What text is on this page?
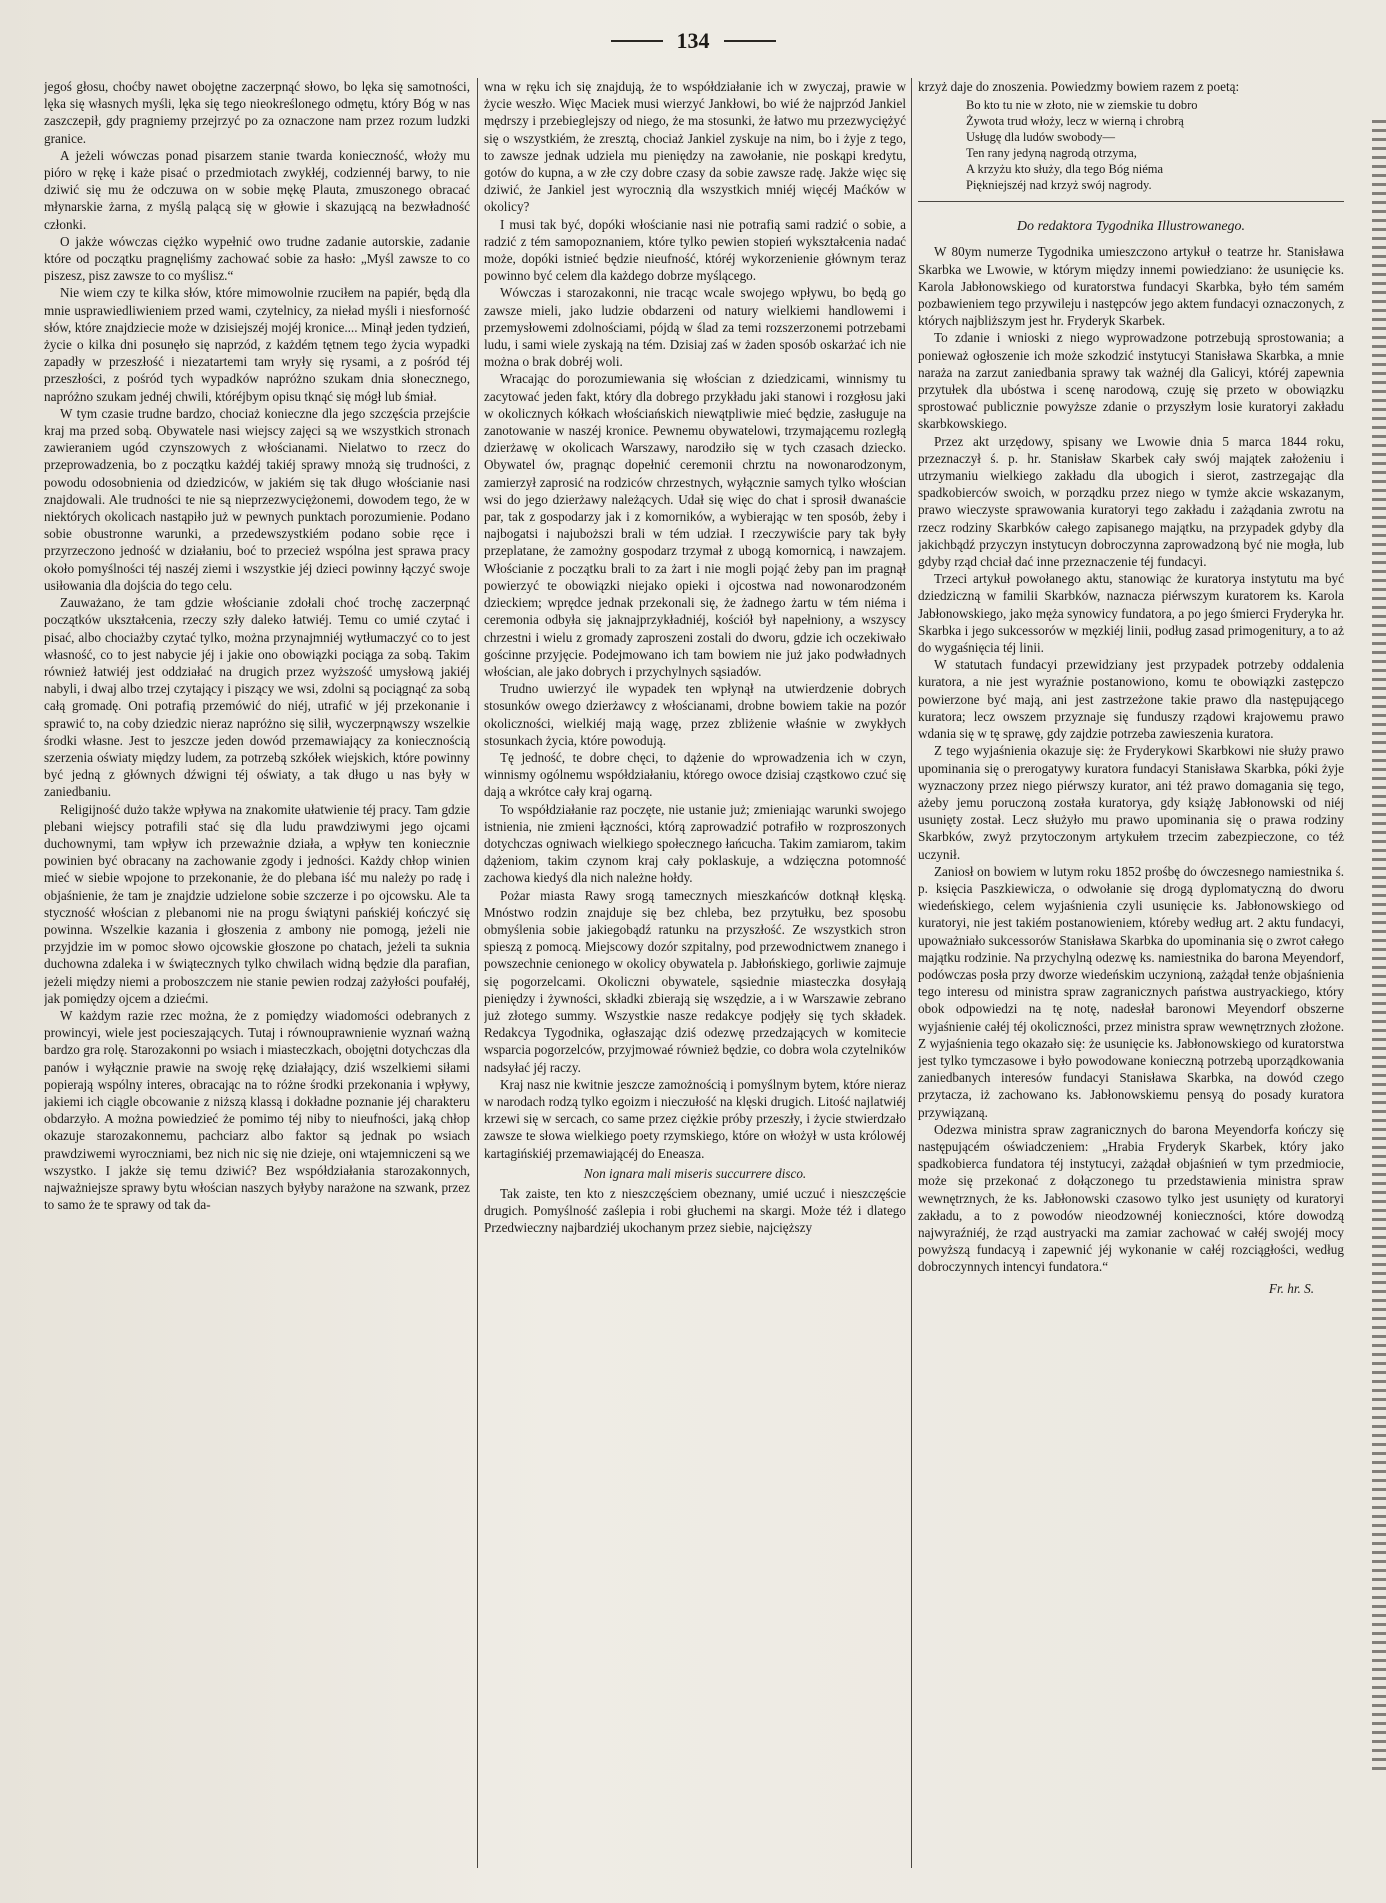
134

jegoś głosu, choćby nawet obojętne zaczerpnąć słowo, bo lęka się samotności, lęka się własnych myśli, lęka się tego nieokreślonego odmętu, który Bóg w nas zaszczepił, gdy pragniemy przejrzyć po za oznaczone nam przez rozum ludzki granice.

A jeżeli wówczas ponad pisarzem stanie twarda konieczność, włoży mu pióro w rękę i każe pisać o przedmiotach zwykłéj, codziennéj barwy, to nie dziwić się mu że odczuwa on w sobie mękę Plauta, zmuszonego obracać młynarskie żarna, z myślą palącą się w głowie i skazującą na bezwładność członki.

O jakże wówczas ciężko wypełnić owo trudne zadanie autorskie, zadanie które od początku pragnęliśmy zachować sobie za hasło: „Myśl zawsze to co piszesz, pisz zawsze to co myślisz.“

Nie wiem czy te kilka słów, które mimowolnie rzuciłem na papiér, będą dla mnie usprawiedliwieniem przed wami, czytelnicy, za nieład myśli i niesforność słów, które znajdziecie może w dzisiejszéj mojéj kronice.... Minął jeden tydzień, życie o kilka dni posunęło się naprzód, z każdém tętnem tego życia wypadki zapadły w przeszłość i niezatartemi tam wryły się rysami, a z pośród téj przeszłości, z pośród tych wypadków napróżno szukam dnia słonecznego, napróżno szukam jednéj chwili, któréjbym opisu tknąć się mógł lub śmiał.

W tym czasie trudne bardzo, chociaż konieczne dla jego szczęścia przejście kraj ma przed sobą. Obywatele nasi wiejscy zajęci są we wszystkich stronach zawieraniem ugód czynszowych z włościanami. Nielatwo to rzecz do przeprowadzenia, bo z początku każdéj takiéj sprawy mnożą się trudności, z powodu odosobnienia od dziedziców, w jakiém się tak długo włościanie nasi znajdowali. Ale trudności te nie są nieprzezwyciężonemi, dowodem tego, że w niektórych okolicach nastąpiło już w pewnych punktach porozumienie. Podano sobie obustronne warunki, a przedewszystkiém podano sobie ręce i przyrzeczono jedność w działaniu, boć to przecież wspólna jest sprawa pracy około pomyślności téj naszéj ziemi i wszystkie jéj dzieci powinny łączyć swoje usiłowania dla dojścia do tego celu.

Zauważano, że tam gdzie włościanie zdołali choć trochę zaczerpnąć początków ukształcenia, rzeczy szły daleko łatwiéj. Temu co umié czytać i pisać, albo chociażby czytać tylko, można przynajmniéj wytłumaczyć co to jest własność, co to jest nabycie jéj i jakie ono obowiązki pociąga za sobą. Takim również łatwiéj jest oddziałać na drugich przez wyższość umysłową jakiéj nabyli, i dwaj albo trzej czytający i piszący we wsi, zdolni są pociągnąć za sobą całą gromadę. Oni potrafią przemówić do niéj, utrafić w jéj przekonanie i sprawić to, na coby dziedzic nieraz napróżno się silił, wyczerpnąwszy wszelkie środki własne. Jest to jeszcze jeden dowód przemawiający za koniecznością szerzenia oświaty między ludem, za potrzebą szkółek wiejskich, które powinny być jedną z głównych dźwigni téj oświaty, a tak długo u nas były w zaniedbaniu.

Religijność dużo także wpływa na znakomite ułatwienie téj pracy. Tam gdzie plebani wiejscy potrafili stać się dla ludu prawdziwymi jego ojcami duchownymi, tam wpływ ich przeważnie działa, a wpływ ten koniecznie powinien być obracany na zachowanie zgody i jedności. Każdy chłop winien mieć w siebie wpojone to przekonanie, że do plebana iść mu należy po radę i objaśnienie, że tam je znajdzie udzielone sobie szczerze i po ojcowsku. Ale ta styczność włościan z plebanomi nie na progu świątyni pańskiéj kończyć się powinna. Wszelkie kazania i głoszenia z ambony nie pomogą, jeżeli nie przyjdzie im w pomoc słowo ojcowskie głoszone po chatach, jeżeli ta suknia duchowna zdaleka i w świątecznych tylko chwilach widną będzie dla parafian, jeżeli między niemi a proboszczem nie stanie pewien rodzaj zażyłości poufałéj, jak pomiędzy ojcem a dziećmi.

W każdym razie rzec można, że z pomiędzy wiadomości odebranych z prowincyi, wiele jest pocieszających. Tutaj i równouprawnienie wyznań ważną bardzo gra rolę. Starozakonni po wsiach i miasteczkach, obojętni dotychczas dla panów i wyłącznie prawie na swoję rękę działający, dziś wszelkiemi siłami popierają wspólny interes, obracając na to różne środki przekonania i wpływy, jakiemi ich ciągle obcowanie z niższą klassą i dokładne poznanie jéj charakteru obdarzyło. A można powiedzieć że pomimo téj niby to nieufności, jaką chłop okazuje starozakonnemu, pachciarz albo faktor są jednak po wsiach prawdziwemi wyroczniami, bez nich nic się nie dzieje, oni wtajemniczeni są we wszystko. I jakże się temu dziwić? Bez współdziałania starozakonnych, najważniejsze sprawy bytu włościan naszych byłyby narażone na szwank, przez to samo że te sprawy od tak da-

wna w ręku ich się znajdują, że to współdziałanie ich w zwyczaj, prawie w życie weszło. Więc Maciek musi wierzyć Jankłowi, bo wié że najprzód Jankiel mędrszy i przebieglejszy od niego, że ma stosunki, że łatwo mu przezwyciężyć się o wszystkiém, że zresztą, chociaż Jankiel zyskuje na nim, bo i żyje z tego, to zawsze jednak udziela mu pieniędzy na zawołanie, nie poskąpi kredytu, gotów do kupna, a w złe czy dobre czasy da sobie zawsze radę. Jakże więc się dziwić, że Jankiel jest wyrocznią dla wszystkich mniéj więcéj Maćków w okolicy?

I musi tak być, dopóki włościanie nasi nie potrafią sami radzić o sobie, a radzić z tém samopoznaniem, które tylko pewien stopień wykształcenia nadać może, dopóki istnieć będzie nieufność, któréj wykorzenienie głównym teraz powinno być celem dla każdego dobrze myślącego.

Wówczas i starozakonni, nie tracąc wcale swojego wpływu, bo będą go zawsze mieli, jako ludzie obdarzeni od natury wielkiemi handlowemi i przemysłowemi zdolnościami, pójdą w ślad za temi rozszerzonemi potrzebami ludu, i sami wiele zyskają na tém. Dzisiaj zaś w żaden sposób oskarżać ich nie można o brak dobréj woli.

Wracając do porozumiewania się włościan z dziedzicami, winnismy tu zacytować jeden fakt, który dla dobrego przykładu jaki stanowi i rozgłosu jaki w okolicznych kółkach włościańskich niewątpliwie mieć będzie, zasługuje na zanotowanie w naszéj kronice. Pewnemu obywatelowi, trzymającemu rozległą dzierżawę w okolicach Warszawy, narodziło się w tych czasach dziecko. Obywatel ów, pragnąc dopełnić ceremonii chrztu na nowonarodzonym, zamierzył zaprosić na rodziców chrzestnych, wyłącznie samych tylko włościan wsi do jego dzierżawy należących. Udał się więc do chat i sprosił dwanaście par, tak z gospodarzy jak i z komorników, a wybierając w ten sposób, żeby i najbogatsi i najuboższi brali w tém udział. I rzeczywiście pary tak były przeplatane, że zamożny gospodarz trzymał z ubogą komornicą, i nawzajem. Włościanie z początku brali to za żart i nie mogli pojąć żeby pan im pragnął powierzyć te obowiązki niejako opieki i ojcostwa nad nowonarodzoném dzieckiem; wprędce jednak przekonali się, że żadnego żartu w tém niéma i ceremonia odbyła się jaknajprzykładniéj, kościół był napełniony, a wszyscy chrzestni i wielu z gromady zaproszeni zostali do dworu, gdzie ich oczekiwało gościnne przyjęcie. Podejmowano ich tam bowiem nie już jako podwładnych włościan, ale jako dobrych i przychylnych sąsiadów.

Trudno uwierzyć ile wypadek ten wpłynął na utwierdzenie dobrych stosunków owego dzierżawcy z włościanami, drobne bowiem takie na pozór okoliczności, wielkiéj mają wagę, przez zbliżenie właśnie w zwykłych stosunkach życia, które powodują.

Tę jedność, te dobre chęci, to dążenie do wprowadzenia ich w czyn, winnismy ogólnemu współdziałaniu, którego owoce dzisiaj cząstkowo czuć się dają a wkrótce cały kraj ogarną.

To współdziałanie raz poczęte, nie ustanie już; zmieniając warunki swojego istnienia, nie zmieni łączności, którą zaprowadzić potrafiło w rozproszonych dotychczas ogniwach wielkiego społecznego łańcucha. Takim zamiarom, takim dążeniom, takim czynom kraj cały poklaskuje, a wdzięczna potomność zachowa kiedyś dla nich należne hołdy.

Pożar miasta Rawy srogą tamecznych mieszkańców dotknął klęską. Mnóstwo rodzin znajduje się bez chleba, bez przytułku, bez sposobu obmyślenia sobie jakiegobądź ratunku na przyszłość. Ze wszystkich stron spieszą z pomocą. Miejscowy dozór szpitalny, pod przewodnictwem znanego i powszechnie cenionego w okolicy obywatela p. Jabłońskiego, gorliwie zajmuje się pogorzelcami. Okoliczni obywatele, sąsiednie miasteczka dosyłają pieniędzy i żywności, składki zbierają się wszędzie, a i w Warszawie zebrano już złotego summy. Wszystkie nasze redakcye podjęły się tych składek. Redakcya Tygodnika, ogłaszając dziś odezwę przedzających w komitecie wsparcia pogorzelców, przyjmowaé również będzie, co dobra wola czytelników nadsyłać jéj raczy.

Kraj nasz nie kwitnie jeszcze zamożnością i pomyślnym bytem, które nieraz w narodach rodzą tylko egoizm i nieczułość na klęski drugich. Litość najlatwiéj krzewi się w sercach, co same przez ciężkie próby przeszły, i życie stwierdzało zawsze te słowa wielkiego poety rzymskiego, które on włożył w usta królowéj kartagińskiéj przemawiającéj do Eneasza.

Non ignara mali miseris succurrere disco.

Tak zaiste, ten kto z nieszczęściem obeznany, umié uczuć i nieszczęście drugich. Pomyślność zaślepia i robi głuchemi na skargi. Może téż i dlatego Przedwieczny najbardziéj ukochanym przez siebie, najcięższy

krzyż daje do znoszenia. Powiedzmy bowiem razem z poetą:

Bo kto tu nie w złoto, nie w ziemskie tu dobro
Żywota trud włoży, lecz w wierną i chrobrą
Usługę dla ludów swobody—
Ten rany jedyną nagrodą otrzyma,
A krzyżu kto służy, dla tego Bóg niéma
Piękniejszéj nad krzyż swój nagrody.
Do redaktora Tygodnika Illustrowanego.

W 80ym numerze Tygodnika umieszczono artykuł o teatrze hr. Stanisława Skarbka we Lwowie, w którym między innemi powiedziano: że usunięcie ks. Karola Jabłonowskiego od kuratorstwa fundacyi Skarbka, było tém samém pozbawieniem tego przywileju i następców jego aktem fundacyi oznaczonych, z których najbliższym jest hr. Fryderyk Skarbek.

To zdanie i wnioski z niego wyprowadzone potrzebują sprostowania; a ponieważ ogłoszenie ich może szkodzić instytucyi Stanisława Skarbka, a mnie naraża na zarzut zaniedbania sprawy tak ważnéj dla Galicyi, któréj zapewnia przytułek dla ubóstwa i scenę narodową, czuję się przeto w obowiązku sprostować publicznie powyższe zdanie o przyszłym losie kuratoryi zakładu skarbkowskiego.

Przez akt urzędowy, spisany we Lwowie dnia 5 marca 1844 roku, przeznaczył ś. p. hr. Stanisław Skarbek cały swój majątek założeniu i utrzymaniu wielkiego zakładu dla ubogich i sierot, zastrzegając dla spadkobierców swoich, w porządku przez niego w tymże akcie wskazanym, prawo wieczyste sprawowania kuratoryi tego zakładu i zażądania zwrotu na rzecz rodziny Skarbków całego zapisanego majątku, na przypadek gdyby dla jakichbądź przyczyn instytucyn dobroczynna zaprowadzoną być nie mogła, lub gdyby rząd chciał dać inne przeznaczenie téj fundacyi.

Trzeci artykuł powołanego aktu, stanowiąc że kuratorya instytutu ma być dziedziczną w familii Skarbków, naznacza piérwszym kuratorem ks. Karola Jabłonowskiego, jako męża synowicy fundatora, a po jego śmierci Fryderyka hr. Skarbka i jego sukcessorów w męzkiéj linii, podług zasad primogenitury, a to aż do wygaśnięcia téj linii.

W statutach fundacyi przewidziany jest przypadek potrzeby oddalenia kuratora, a nie jest wyraźnie postanowiono, komu te obowiązki zastępczo powierzone być mają, ani jest zastrzeżone takie prawo dla następującego kuratora; lecz owszem przyznaje się funduszy rządowi krajowemu prawo wdania się w tę sprawę, gdy zajdzie potrzeba zawieszenia kuratora.

Z tego wyjaśnienia okazuje się: że Fryderykowi Skarbkowi nie służy prawo upominania się o prerogatywy kuratora fundacyi Stanisława Skarbka, póki żyje wyznaczony przez niego piérwszy kurator, ani téż prawo domagania się tego, ażeby jemu poruczoną została kuratorya, gdy książę Jabłonowski od niéj usunięty został. Lecz służyło mu prawo upominania się o prawa rodziny Skarbków, zwyż przytoczonym artykułem trzecim zabezpieczone, co téż uczynił.

Zaniosł on bowiem w lutym roku 1852 prośbę do ówczesnego namiestnika ś. p. księcia Paszkiewicza, o odwołanie się drogą dyplomatyczną do dworu wiedeńskiego, celem wyjaśnienia czyli usunięcie ks. Jabłonowskiego od kuratoryi, nie jest takiém postanowieniem, któreby według art. 2 aktu fundacyi, upoważniało sukcessorów Stanisława Skarbka do upominania się o zwrot całego majątku rodzinie. Na przychylną odezwę ks. namiestnika do barona Meyendorf, podówczas posła przy dworze wiedeńskim uczynioną, zażądał tenże objaśnienia tego interesu od ministra spraw zagranicznych państwa austryackiego, który obok odpowiedzi na tę notę, nadesłał baronowi Meyendorf obszerne wyjaśnienie całéj téj okoliczności, przez ministra spraw wewnętrznych złożone. Z wyjaśnienia tego okazało się: że usunięcie ks. Jabłonowskiego od kuratorstwa jest tylko tymczasowe i było powodowane konieczną potrzebą uporządkowania zaniedbanych interesów fundacyi Stanisława Skarbka, na dowód czego przytacza, iż zachowano ks. Jabłonowskiemu pensyą do posady kuratora przywiązaną.

Odezwa ministra spraw zagranicznych do barona Meyendorfa kończy się następującém oświadczeniem: „Hrabia Fryderyk Skarbek, który jako spadkobierca fundatora téj instytucyi, zażądał objaśnień w tym przedmiocie, może się przekonać z dołączonego tu przedstawienia ministra spraw wewnętrznych, że ks. Jabłonowski czasowo tylko jest usunięty od kuratoryi zakładu, a to z powodów nieodzownéj konieczności, które dowodzą najwyraźniéj, że rząd austryacki ma zamiar zachować w całéj swojéj mocy powyższą fundacyą i zapewnić jéj wykonanie w całéj rozciągłości, według dobroczynnych intencyi fundatora.“

Fr. hr. S.
